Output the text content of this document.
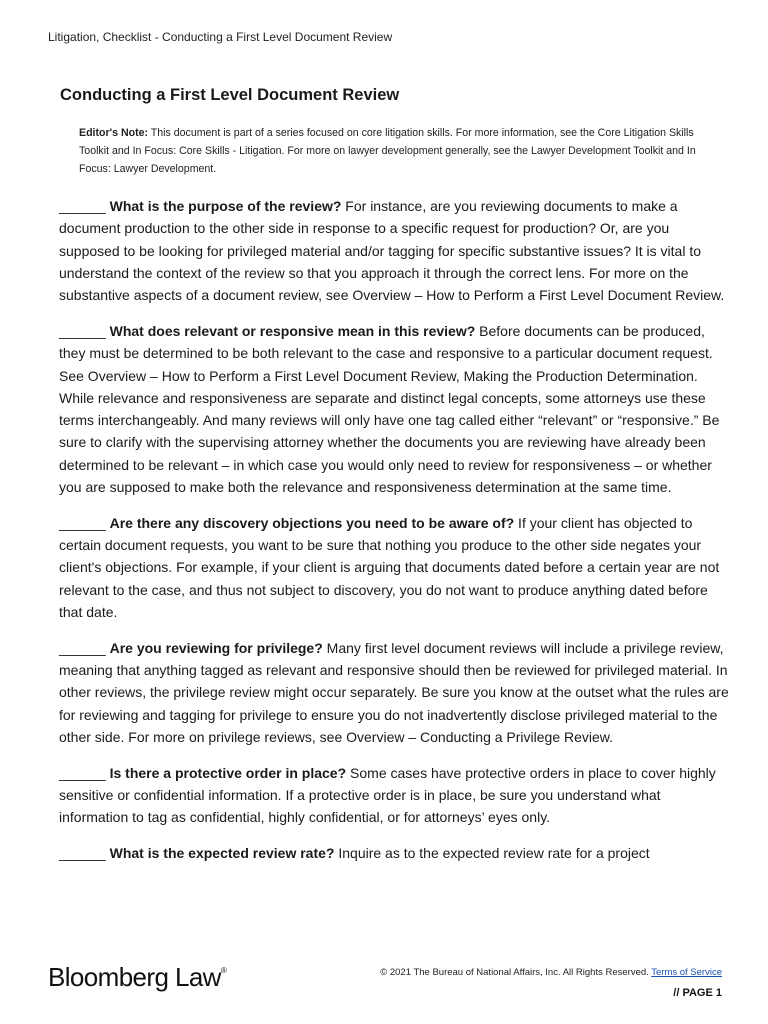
Litigation, Checklist - Conducting a First Level Document Review
Conducting a First Level Document Review
Editor's Note: This document is part of a series focused on core litigation skills. For more information, see the Core Litigation Skills Toolkit and In Focus: Core Skills - Litigation. For more on lawyer development generally, see the Lawyer Development Toolkit and In Focus: Lawyer Development.

______ What is the purpose of the review? For instance, are you reviewing documents to make a document production to the other side in response to a specific request for production? Or, are you supposed to be looking for privileged material and/or tagging for specific substantive issues? It is vital to understand the context of the review so that you approach it through the correct lens. For more on the substantive aspects of a document review, see Overview – How to Perform a First Level Document Review.

______ What does relevant or responsive mean in this review? Before documents can be produced, they must be determined to be both relevant to the case and responsive to a particular document request. See Overview – How to Perform a First Level Document Review, Making the Production Determination. While relevance and responsiveness are separate and distinct legal concepts, some attorneys use these terms interchangeably. And many reviews will only have one tag called either “relevant” or “responsive.” Be sure to clarify with the supervising attorney whether the documents you are reviewing have already been determined to be relevant – in which case you would only need to review for responsiveness – or whether you are supposed to make both the relevance and responsiveness determination at the same time.

______ Are there any discovery objections you need to be aware of? If your client has objected to certain document requests, you want to be sure that nothing you produce to the other side negates your client's objections. For example, if your client is arguing that documents dated before a certain year are not relevant to the case, and thus not subject to discovery, you do not want to produce anything dated before that date.

______ Are you reviewing for privilege? Many first level document reviews will include a privilege review, meaning that anything tagged as relevant and responsive should then be reviewed for privileged material. In other reviews, the privilege review might occur separately. Be sure you know at the outset what the rules are for reviewing and tagging for privilege to ensure you do not inadvertently disclose privileged material to the other side. For more on privilege reviews, see Overview – Conducting a Privilege Review.

______ Is there a protective order in place? Some cases have protective orders in place to cover highly sensitive or confidential information. If a protective order is in place, be sure you understand what information to tag as confidential, highly confidential, or for attorneys’ eyes only.

______ What is the expected review rate? Inquire as to the expected review rate for a project

Bloomberg Law®	© 2021 The Bureau of National Affairs, Inc. All Rights Reserved. Terms of Service
// PAGE 1
